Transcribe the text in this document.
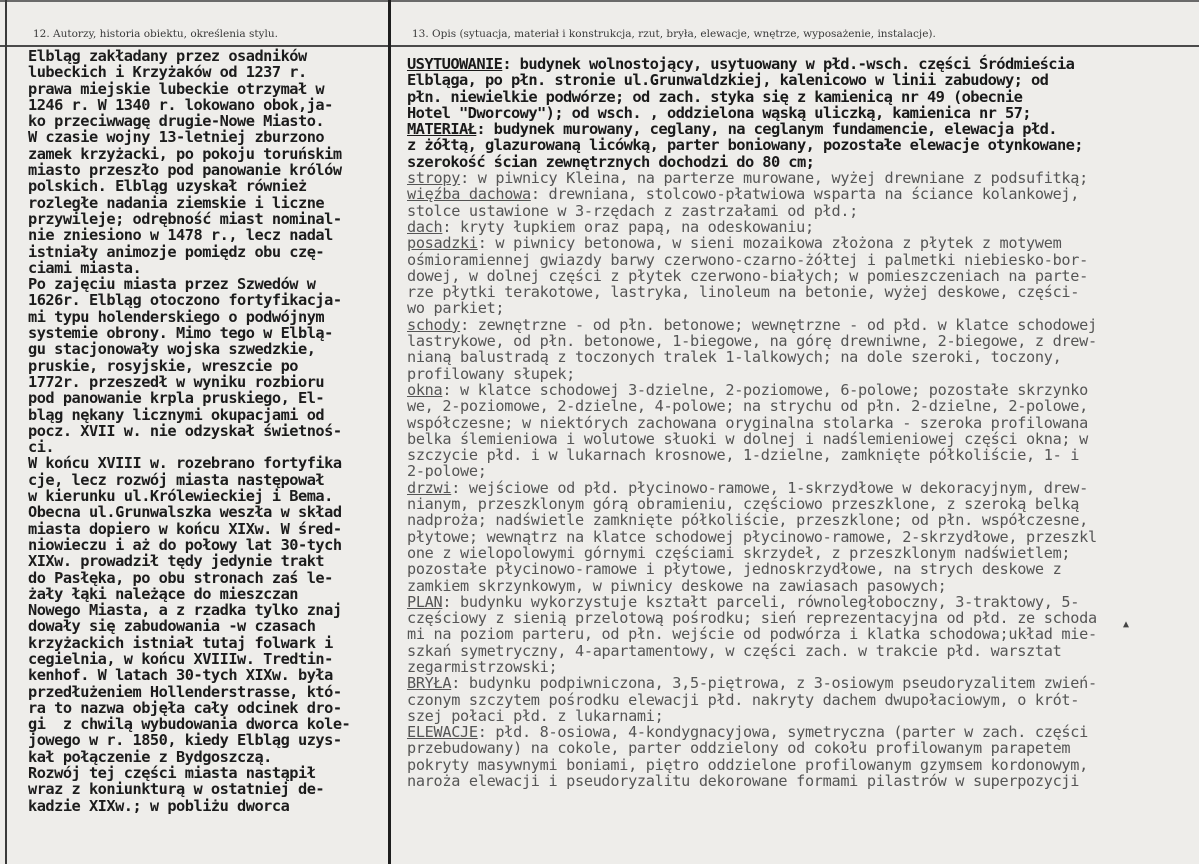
12. Autorzy, historia obiektu, określenia stylu.	13. Opis (sytuacja, materiał i konstrukcja, rzut, bryła, elewacje, wnętrze, wyposażenie, instalacje).
Elbląg zakładany przez osadników
lubeckich i Krzyżaków od 1237 r.
prawa miejskie lubeckie otrzymał w
1246 r. W 1340 r. lokowano obok,ja-
ko przeciwwagę drugie-Nowe Miasto.
W czasie wojny 13-letniej zburzono
zamek krzyżacki, po pokoju toruńskim
miasto przeszło pod panowanie królów
polskich. Elbląg uzyskał również
rozległe nadania ziemskie i liczne
przywileje; odrębność miast nominal-
nie zniesiono w 1478 r., lecz nadal
istniały animozje pomiędz obu czę-
ciami miasta.
Po zajęciu miasta przez Szwedów w
1626r. Elbląg otoczono fortyfikacja-
mi typu holenderskiego o podwójnym
systemie obrony. Mimo tego w Elblą-
gu stacjonowały wojska szwedzkie,
pruskie, rosyjskie, wreszcie po
1772r. przeszedł w wyniku rozbioru
pod panowanie krpla pruskiego, El-
bląg nękany licznymi okupacjami od
pocz. XVII w. nie odzyskał świetnoś-
ci.
W końcu XVIII w. rozebrano fortyfika
cje, lecz rozwój miasta następował
w kierunku ul.Królewieckiej i Bema.
Obecna ul.Grunwalszka weszła w skład
miasta dopiero w końcu XIXw. W śred-
niowieczu i aż do połowy lat 30-tych
XIXw. prowadził tędy jedynie trakt
do Pasłęka, po obu stronach zaś le-
żały łąki należące do mieszczan
Nowego Miasta, a z rzadka tylko znaj
dowały się zabudowania -w czasach
krzyżackich istniał tutaj folwark i
cegielnia, w końcu XVIIIw. Tredtin-
kenhof. W latach 30-tych XIXw. była
przedłużeniem Hollenderstrasse, któ-
ra to nazwa objęła cały odcinek dro-
gi  z chwilą wybudowania dworca kole-
jowego w r. 1850, kiedy Elbląg uzys-
kał połączenie z Bydgoszczą.
Rozwój tej części miasta nastąpił
wraz z koniunkturą w ostatniej de-
kadzie XIXw.; w pobliżu dworca
USYTUOWANIE: budynek wolnostojący, usytuowany w płd.-wsch. części Śródmieścia
Elbląga, po płn. stronie ul.Grunwaldzkiej, kalenicowo w linii zabudowy; od
płn. niewielkie podwórze; od zach. styka się z kamienicą nr 49 (obecnie
Hotel "Dworcowy"); od wsch. , oddzielona wąską uliczką, kamienica nr 57;
MATERIAŁ: budynek murowany, ceglany, na ceglanym fundamencie, elewacja płd.
z żółtą, glazurowaną licówką, parter boniowany, pozostałe elewacje otynkowane;
szerokość ścian zewnętrznych dochodzi do 80 cm;
stropy: w piwnicy Kleina, na parterze murowane, wyżej drewniane z podsufitką;
więźba dachowa: drewniana, stolcowo-płatwiowa wsparta na ściance kolankowej,
stolce ustawione w 3-rzędach z zastrzałami od płd.;
dach: kryty łupkiem oraz papą, na odeskowaniu;
posadzki: w piwnicy betonowa, w sieni mozaikowa złożona z płytek z motywem
ośmioramiennej gwiazdy barwy czerwono-czarno-żółtej i palmetki niebiesko-bor-
dowej, w dolnej części z płytek czerwono-białych; w pomieszczeniach na parte-
rze płytki terakotowe, lastryka, linoleum na betonie, wyżej deskowe, części-
wo parkiet;
schody: zewnętrzne - od płn. betonowe; wewnętrzne - od płd. w klatce schodowej
lastrykowe, od płn. betonowe, 1-biegowe, na górę drewniwne, 2-biegowe, z drew-
nianą balustradą z toczonych tralek 1-lalkowych; na dole szeroki, toczony,
profilowany słupek;
okna: w klatce schodowej 3-dzielne, 2-poziomowe, 6-polowe; pozostałe skrzynko
we, 2-poziomowe, 2-dzielne, 4-polowe; na strychu od płn. 2-dzielne, 2-polowe,
współczesne; w niektórych zachowana oryginalna stolarka - szeroka profilowana
belka ślemieniowa i wolutowe słuoki w dolnej i nadślemieniowej części okna; w
szczycie płd. i w lukarnach krosnowe, 1-dzielne, zamknięte półkoliście, 1- i
2-polowe;
drzwi: wejściowe od płd. płycinowo-ramowe, 1-skrzydłowe w dekoracyjnym, drew-
nianym, przeszklonym górą obramieniu, częściowo przeszklone, z szeroką belką
nadproża; nadświetle zamknięte półkoliście, przeszklone; od płn. współczesne,
płytowe; wewnątrz na klatce schodowej płycinowo-ramowe, 2-skrzydłowe, przeszkl
one z wielopolowymi górnymi częściami skrzydeł, z przeszklonym nadświetlem;
pozostałe płycinowo-ramowe i płytowe, jednoskrzydłowe, na strych deskowe z
zamkiem skrzynkowym, w piwnicy deskowe na zawiasach pasowych;
PLAN: budynku wykorzystuje kształt parceli, równoległoboczny, 3-traktowy, 5-
częściowy z sienią przelotową pośrodku; sień reprezentacyjna od płd. ze schoda
mi na poziom parteru, od płn. wejście od podwórza i klatka schodowa;układ mie-
szkań symetryczny, 4-apartamentowy, w części zach. w trakcie płd. warsztat
zegarmistrzowski;
BRYŁA: budynku podpiwniczona, 3,5-piętrowa, z 3-osiowym pseudoryzalitem zwień-
czonym szczytem pośrodku elewacji płd. nakryty dachem dwupołaciowym, o krót-
szej połaci płd. z lukarnami;
ELEWACJE: płd. 8-osiowa, 4-kondygnacyjowa, symetryczna (parter w zach. części
przebudowany) na cokole, parter oddzielony od cokołu profilowanym parapetem
pokryty masywnymi boniami, piętro oddzielone profilowanym gzymsem kordonowym,
naroża elewacji i pseudoryzalitu dekorowane formami pilastrów w superpozycji
▲
